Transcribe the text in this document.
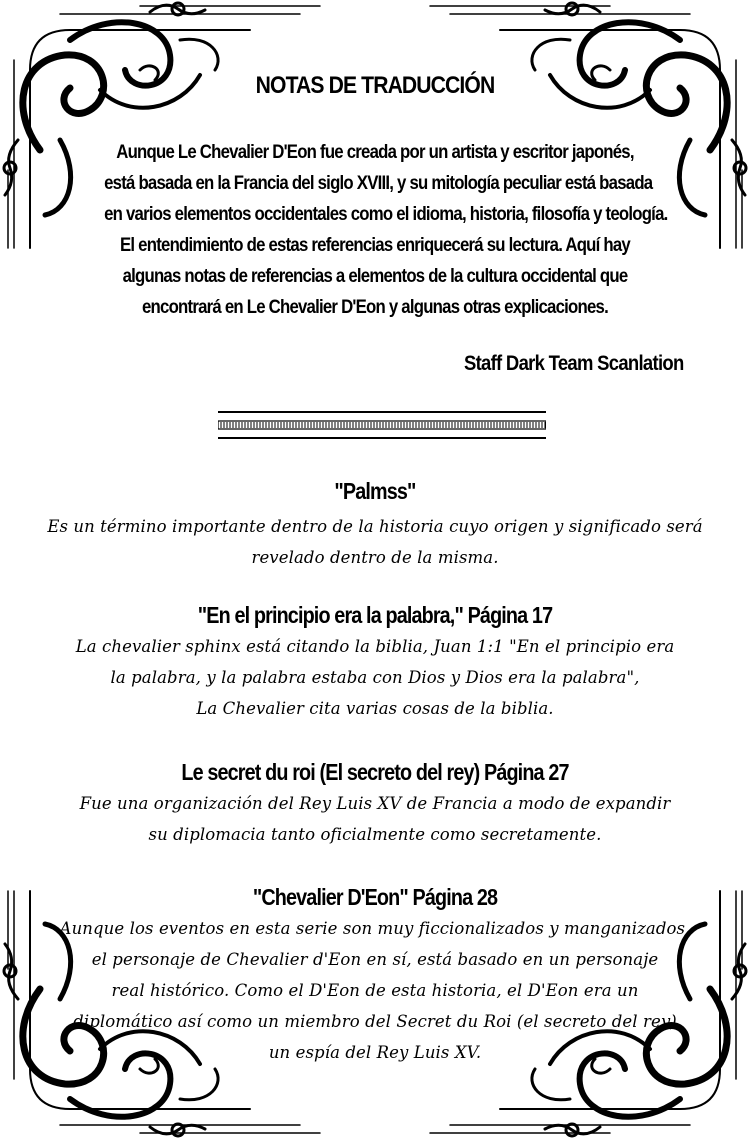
NOTAS DE TRADUCCIÓN

Aunque Le Chevalier D'Eon fue creada por un artista y escritor japonés,

está basada en la Francia del siglo XVIII, y su mitología peculiar está basada

en varios elementos occidentales como el idioma, historia, filosofía y teología.

El entendimiento de estas referencias enriquecerá su lectura. Aquí hay

algunas notas de referencias a elementos de la cultura occidental que

encontrará en Le Chevalier D'Eon y algunas otras explicaciones.

Staff Dark Team Scanlation
"Palmss"

Es un término importante dentro de la historia cuyo origen y significado será

revelado dentro de la misma.

"En el principio era la palabra," Página 17

La chevalier sphinx está citando la biblia, Juan 1:1 "En el principio era

la palabra, y la palabra estaba con Dios y Dios era la palabra",

La Chevalier cita varias cosas de la biblia.

Le secret du roi (El secreto del rey) Página 27

Fue una organización del Rey Luis XV de Francia a modo de expandir

su diplomacia tanto oficialmente como secretamente.

"Chevalier D'Eon" Página 28

Aunque los eventos en esta serie son muy ficcionalizados y manganizados,

el personaje de Chevalier d'Eon en sí, está basado en un personaje

real histórico. Como el D'Eon de esta historia, el D'Eon era un

diplomático así como un miembro del Secret du Roi (el secreto del rey)

un espía del Rey Luis XV.
